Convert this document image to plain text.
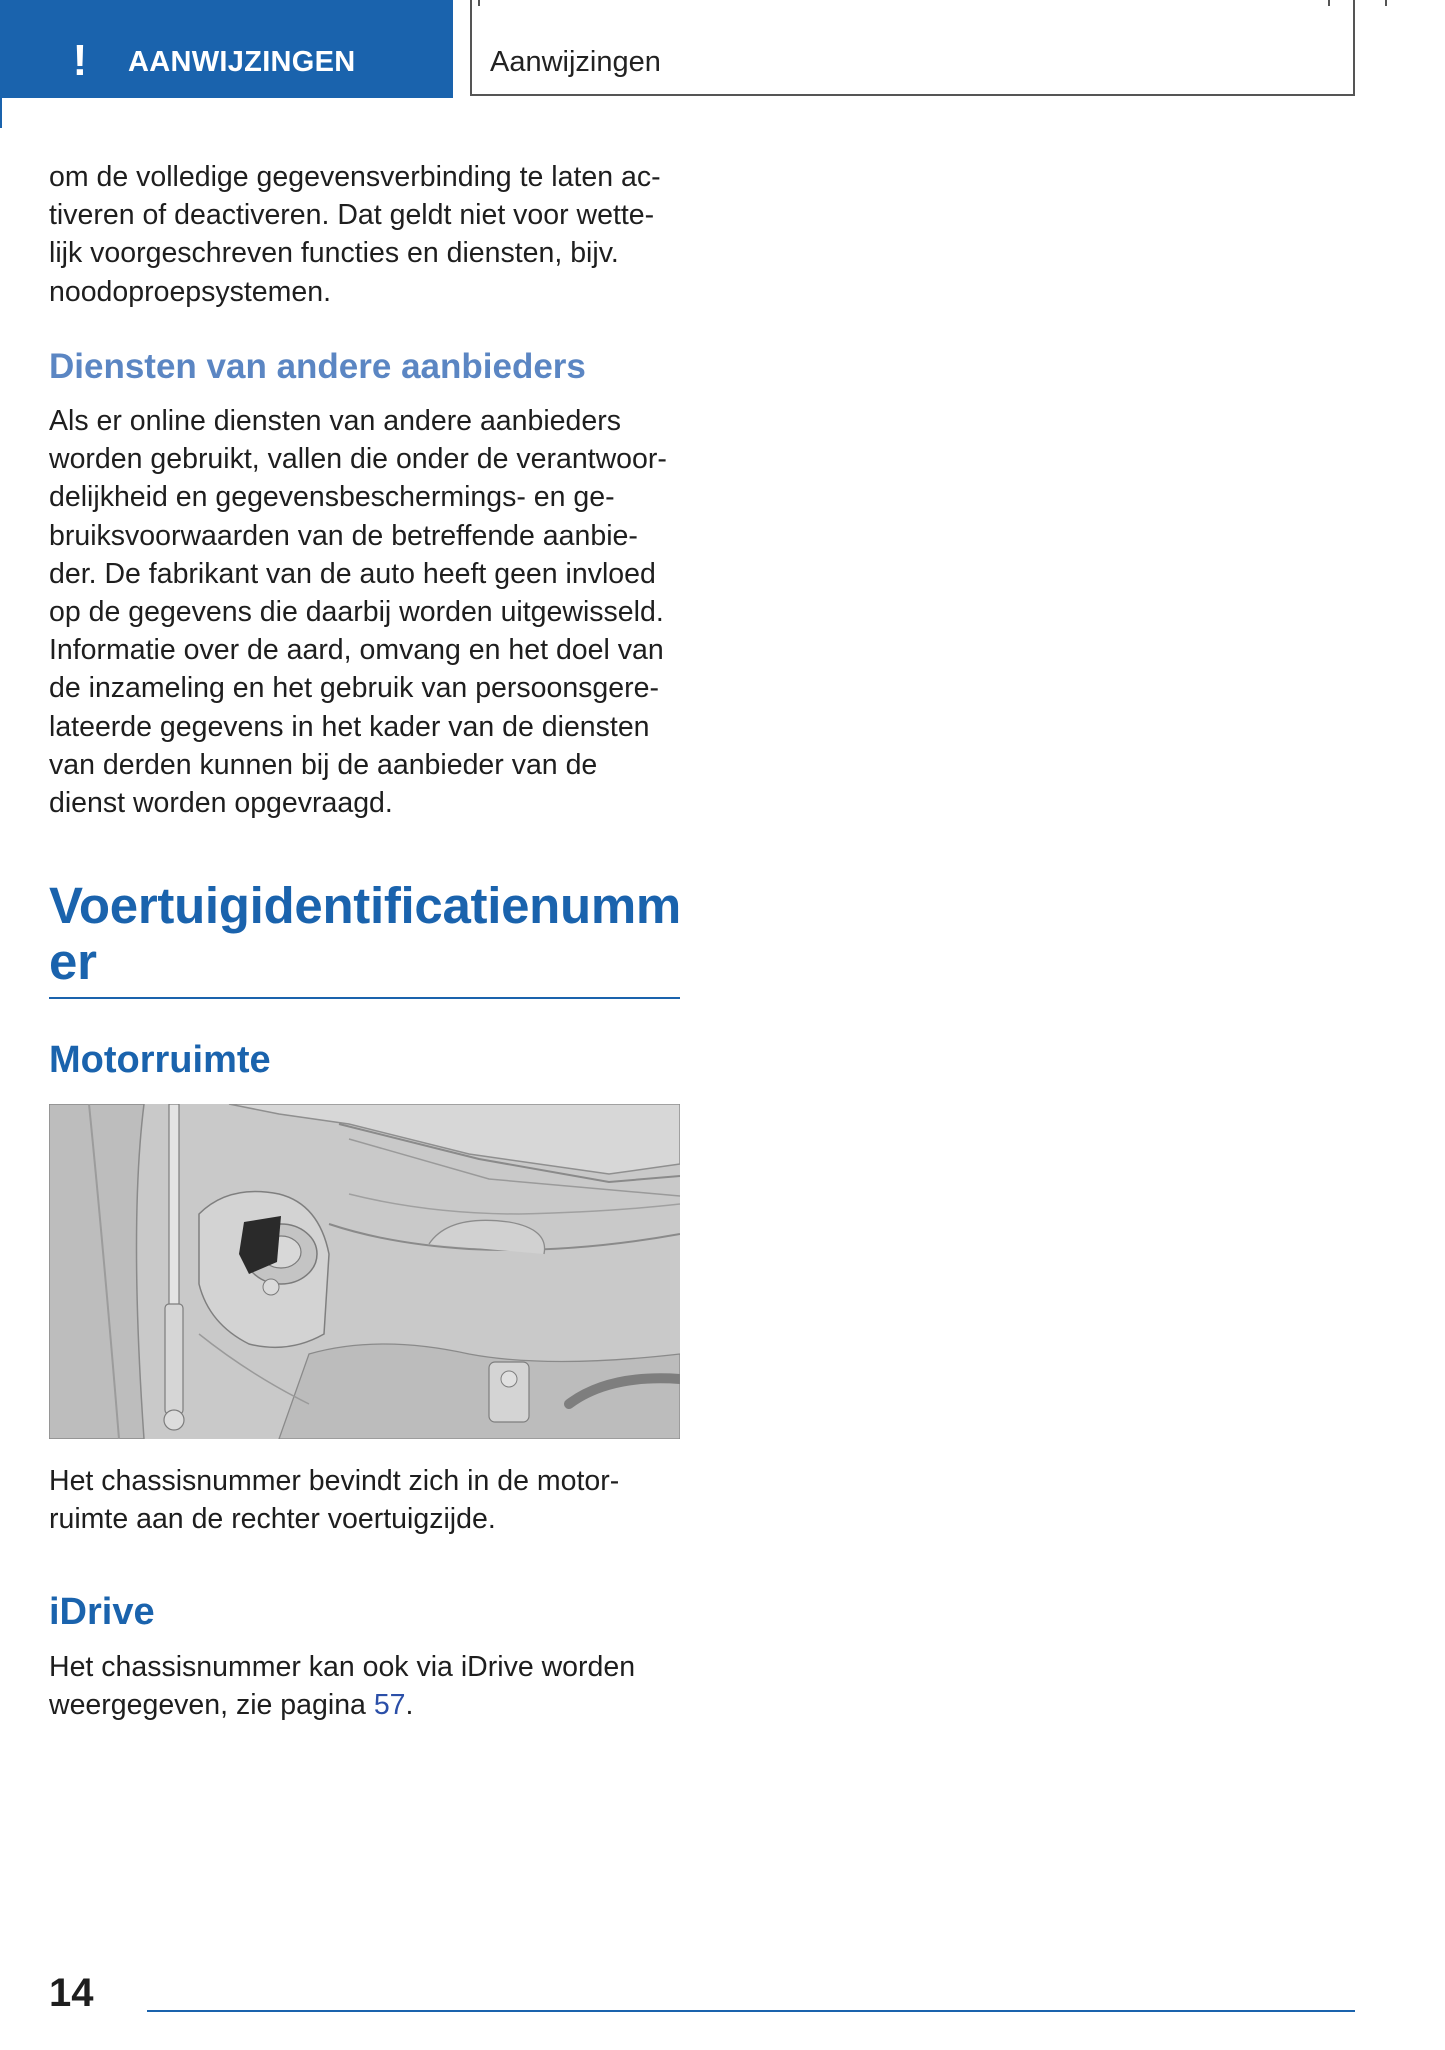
! AANWIJZINGEN	Aanwijzingen

om de volledige gegevensverbinding te laten ac-

tiveren of deactiveren. Dat geldt niet voor wette-

lijk voorgeschreven functies en diensten, bijv.

noodoproepsystemen.

Diensten van andere aanbieders

Als er online diensten van andere aanbieders

worden gebruikt, vallen die onder de verantwoor-

delijkheid en gegevensbeschermings- en ge-

bruiksvoorwaarden van de betreffende aanbie-

der. De fabrikant van de auto heeft geen invloed

op de gegevens die daarbij worden uitgewisseld.

Informatie over de aard, omvang en het doel van

de inzameling en het gebruik van persoonsgere-

lateerde gegevens in het kader van de diensten

van derden kunnen bij de aanbieder van de

dienst worden opgevraagd.

Voertuigidentificatienumm
er
Motorruimte

Het chassisnummer bevindt zich in de motor-

ruimte aan de rechter voertuigzijde.

iDrive

Het chassisnummer kan ook via iDrive worden

weergegeven, zie pagina 57.

14
